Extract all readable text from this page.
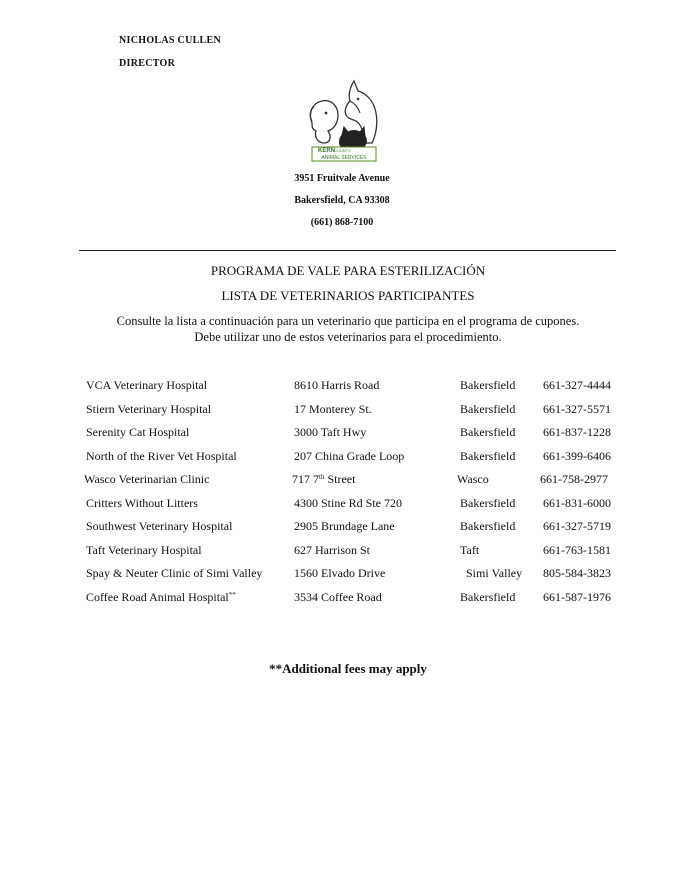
NICHOLAS CULLEN
DIRECTOR
KERN
COUNTY
ANIMAL SERVICES
3951 Fruitvale Avenue
Bakersfield, CA 93308
(661) 868-7100
PROGRAMA DE VALE PARA ESTERILIZACIÓN
LISTA DE VETERINARIOS PARTICIPANTES
Consulte la lista a continuación para un veterinario que participa en el programa de cupones.
Debe utilizar uno de estos veterinarios para el procedimiento.
VCA Veterinary Hospital	8610 Harris Road	Bakersfield 661-327-4444
Stiern Veterinary Hospital	17 Monterey St.	Bakersfield 661-327-5571
Serenity Cat Hospital	3000 Taft Hwy	Bakersfield 661-837-1228
North of the River Vet Hospital	207 China Grade Loop	Bakersfield 661-399-6406
Wasco Veterinarian Clinic	717 7th Street	Wasco	661-758-2977
Critters Without Litters	4300 Stine Rd Ste 720	Bakersfield 661-831-6000
Southwest Veterinary Hospital	2905 Brundage Lane	Bakersfield 661-327-5719
Taft Veterinary Hospital	627 Harrison St	Taft	661-763-1581
Spay & Neuter Clinic of Simi Valley	1560 Elvado Drive	Simi Valley 805-584-3823
Coffee Road Animal Hospital**	3534 Coffee Road	Bakersfield 661-587-1976
**Additional fees may apply
